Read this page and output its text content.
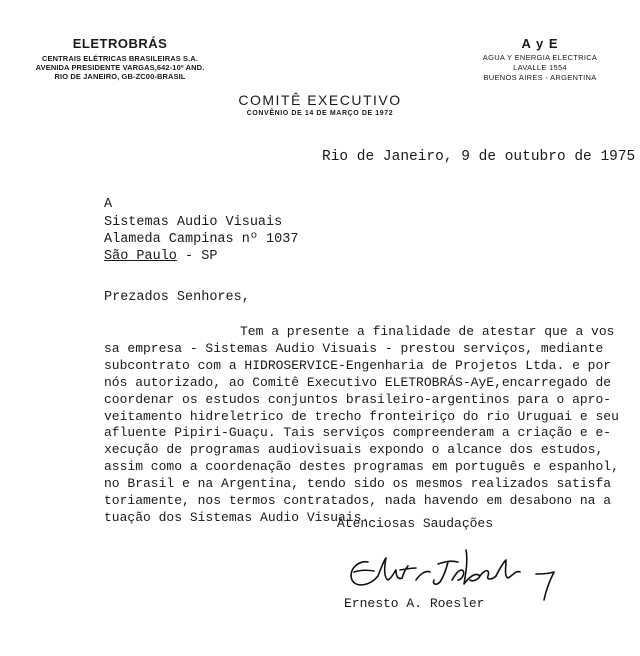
ELETROBRÁS
CENTRAIS ELÉTRICAS BRASILEIRAS S.A.
AVENIDA PRESIDENTE VARGAS,642-10º AND.
RIO DE JANEIRO, GB-ZC00-BRASIL
A y E
AGUA Y ENERGIA ELECTRICA
LAVALLE 1554
BUENOS AIRES - ARGENTINA
COMITÊ EXECUTIVO
CONVÊNIO DE 14 DE MARÇO DE 1972
Rio de Janeiro, 9 de outubro de 1975
A
Sistemas Audio Visuais
Alameda Campinas nº 1037
São Paulo - SP
Prezados Senhores,
Tem a presente a finalidade de atestar que a vos
sa empresa - Sistemas Audio Visuais - prestou serviços, mediante
subcontrato com a HIDROSERVICE-Engenharia de Projetos Ltda. e por
nós autorizado, ao Comitê Executivo ELETROBRÁS-AyE,encarregado de
coordenar os estudos conjuntos brasileiro-argentinos para o apro-
veitamento hidreletrico de trecho fronteiriço do rio Uruguai e seu
afluente Pipiri-Guaçu. Tais serviços compreenderam a criação e e-
xecução de programas audiovisuais expondo o alcance dos estudos,
assim como a coordenação destes programas em português e espanhol,
no Brasil e na Argentina, tendo sido os mesmos realizados satisfa
toriamente, nos termos contratados, nada havendo em desabono na a
tuação dos Sistemas Audio Visuais.
Atenciosas Saudações
Ernesto A. Roesler
